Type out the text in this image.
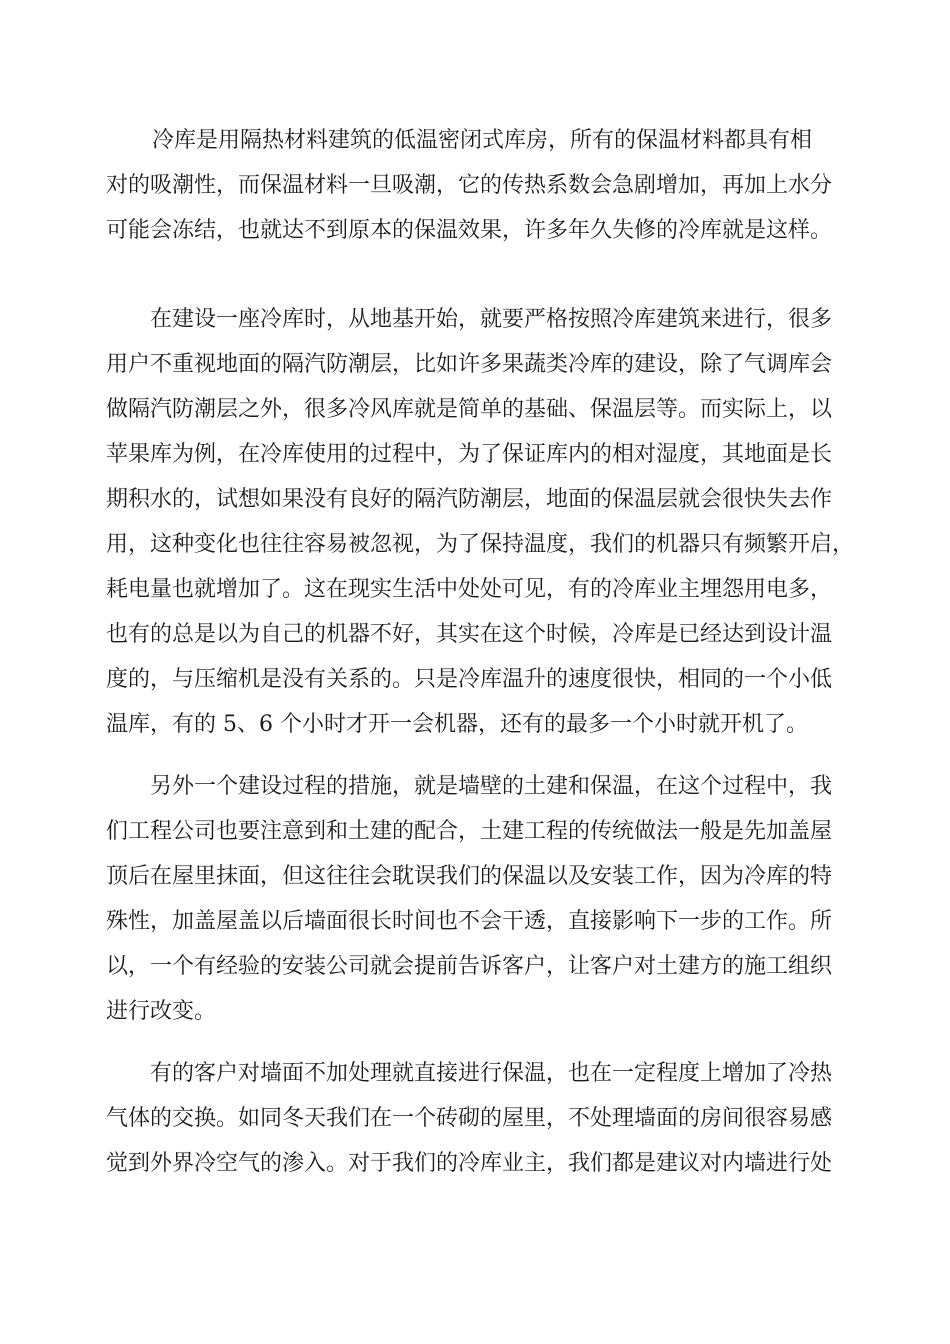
冷库是用隔热材料建筑的低温密闭式库房，所有的保温材料都具有相
对的吸潮性，而保温材料一旦吸潮，它的传热系数会急剧增加，再加上水分
可能会冻结，也就达不到原本的保温效果，许多年久失修的冷库就是这样。
在建设一座冷库时，从地基开始，就要严格按照冷库建筑来进行，很多
用户不重视地面的隔汽防潮层，比如许多果蔬类冷库的建设，除了气调库会
做隔汽防潮层之外，很多冷风库就是简单的基础、保温层等。而实际上，以
苹果库为例，在冷库使用的过程中，为了保证库内的相对湿度，其地面是长
期积水的，试想如果没有良好的隔汽防潮层，地面的保温层就会很快失去作
用，这种变化也往往容易被忽视，为了保持温度，我们的机器只有频繁开启，
耗电量也就增加了。这在现实生活中处处可见，有的冷库业主埋怨用电多，
也有的总是以为自己的机器不好，其实在这个时候，冷库是已经达到设计温
度的，与压缩机是没有关系的。只是冷库温升的速度很快，相同的一个小低
温库，有的 5、6 个小时才开一会机器，还有的最多一个小时就开机了。
另外一个建设过程的措施，就是墙壁的土建和保温，在这个过程中，我
们工程公司也要注意到和土建的配合，土建工程的传统做法一般是先加盖屋
顶后在屋里抹面，但这往往会耽误我们的保温以及安装工作，因为冷库的特
殊性，加盖屋盖以后墙面很长时间也不会干透，直接影响下一步的工作。所
以，一个有经验的安装公司就会提前告诉客户，让客户对土建方的施工组织
进行改变。
有的客户对墙面不加处理就直接进行保温，也在一定程度上增加了冷热
气体的交换。如同冬天我们在一个砖砌的屋里，不处理墙面的房间很容易感
觉到外界冷空气的渗入。对于我们的冷库业主，我们都是建议对内墙进行处
